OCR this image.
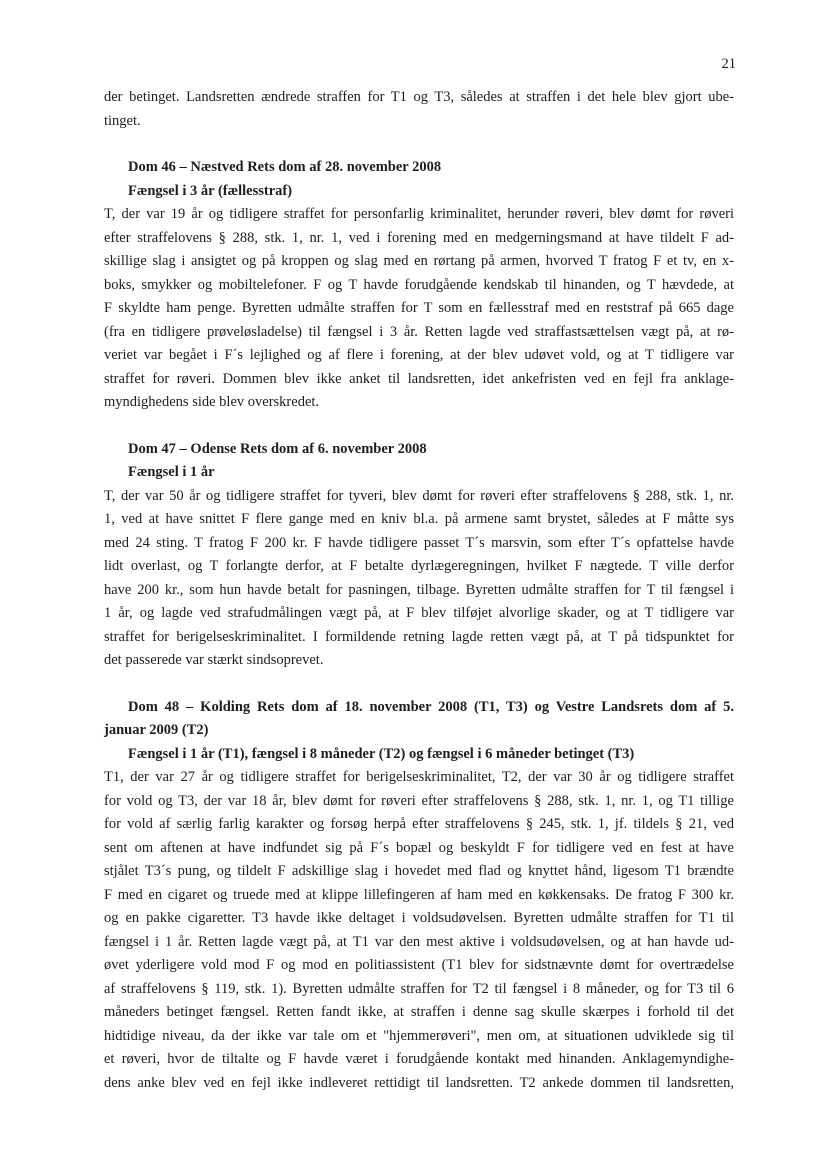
21
der betinget. Landsretten ændrede straffen for T1 og T3, således at straffen i det hele blev gjort ube-
tinget.
Dom 46 – Næstved Rets dom af 28. november 2008
Fængsel i 3 år (fællesstraf)
T, der var 19 år og tidligere straffet for personfarlig kriminalitet, herunder røveri, blev dømt for røveri
efter straffelovens § 288, stk. 1, nr. 1, ved i forening med en medgerningsmand at have tildelt F ad-
skillige slag i ansigtet og på kroppen og slag med en rørtang på armen, hvorved T fratog F et tv, en x-
boks, smykker og mobiltelefoner. F og T havde forudgående kendskab til hinanden, og T hævdede, at
F skyldte ham penge. Byretten udmålte straffen for T som en fællesstraf med en reststraf på 665 dage
(fra en tidligere prøveløsladelse) til fængsel i 3 år. Retten lagde ved straffastsættelsen vægt på, at rø-
veriet var begået i F´s lejlighed og af flere i forening, at der blev udøvet vold, og at T tidligere var
straffet for røveri. Dommen blev ikke anket til landsretten, idet ankefristen ved en fejl fra anklage-
myndighedens side blev overskredet.
Dom 47 – Odense Rets dom af 6. november 2008
Fængsel i 1 år
T, der var 50 år og tidligere straffet for tyveri, blev dømt for røveri efter straffelovens § 288, stk. 1, nr.
1, ved at have snittet F flere gange med en kniv bl.a. på armene samt brystet, således at F måtte sys
med 24 sting. T fratog F 200 kr. F havde tidligere passet T´s marsvin, som efter T´s opfattelse havde
lidt overlast, og T forlangte derfor, at F betalte dyrlægeregningen, hvilket F nægtede. T ville derfor
have 200 kr., som hun havde betalt for pasningen, tilbage. Byretten udmålte straffen for T til fængsel i
1 år, og lagde ved strafudmålingen vægt på, at F blev tilføjet alvorlige skader, og at T tidligere var
straffet for berigelseskriminalitet. I formildende retning lagde retten vægt på, at T på tidspunktet for
det passerede var stærkt sindsoprevet.
Dom 48 – Kolding Rets dom af 18. november 2008 (T1, T3) og Vestre Landsrets dom af 5.
januar 2009 (T2)
Fængsel i 1 år (T1), fængsel i 8 måneder (T2) og fængsel i 6 måneder betinget (T3)
T1, der var 27 år og tidligere straffet for berigelseskriminalitet, T2, der var 30 år og tidligere straffet
for vold og T3, der var 18 år, blev dømt for røveri efter straffelovens § 288, stk. 1, nr. 1, og T1 tillige
for vold af særlig farlig karakter og forsøg herpå efter straffelovens § 245, stk. 1, jf. tildels § 21, ved
sent om aftenen at have indfundet sig på F´s bopæl og beskyldt F for tidligere ved en fest at have
stjålet T3´s pung, og tildelt F adskillige slag i hovedet med flad og knyttet hånd, ligesom T1 brændte
F med en cigaret og truede med at klippe lillefingeren af ham med en køkkensaks. De fratog F 300 kr.
og en pakke cigaretter. T3 havde ikke deltaget i voldsudøvelsen. Byretten udmålte straffen for T1 til
fængsel i 1 år. Retten lagde vægt på, at T1 var den mest aktive i voldsudøvelsen, og at han havde ud-
øvet yderligere vold mod F og mod en politiassistent (T1 blev for sidstnævnte dømt for overtrædelse
af straffelovens § 119, stk. 1). Byretten udmålte straffen for T2 til fængsel i 8 måneder, og for T3 til 6
måneders betinget fængsel. Retten fandt ikke, at straffen i denne sag skulle skærpes i forhold til det
hidtidige niveau, da der ikke var tale om et "hjemmerøveri", men om, at situationen udviklede sig til
et røveri, hvor de tiltalte og F havde været i forudgående kontakt med hinanden. Anklagemyndighe-
dens anke blev ved en fejl ikke indleveret rettidigt til landsretten. T2 ankede dommen til landsretten,
